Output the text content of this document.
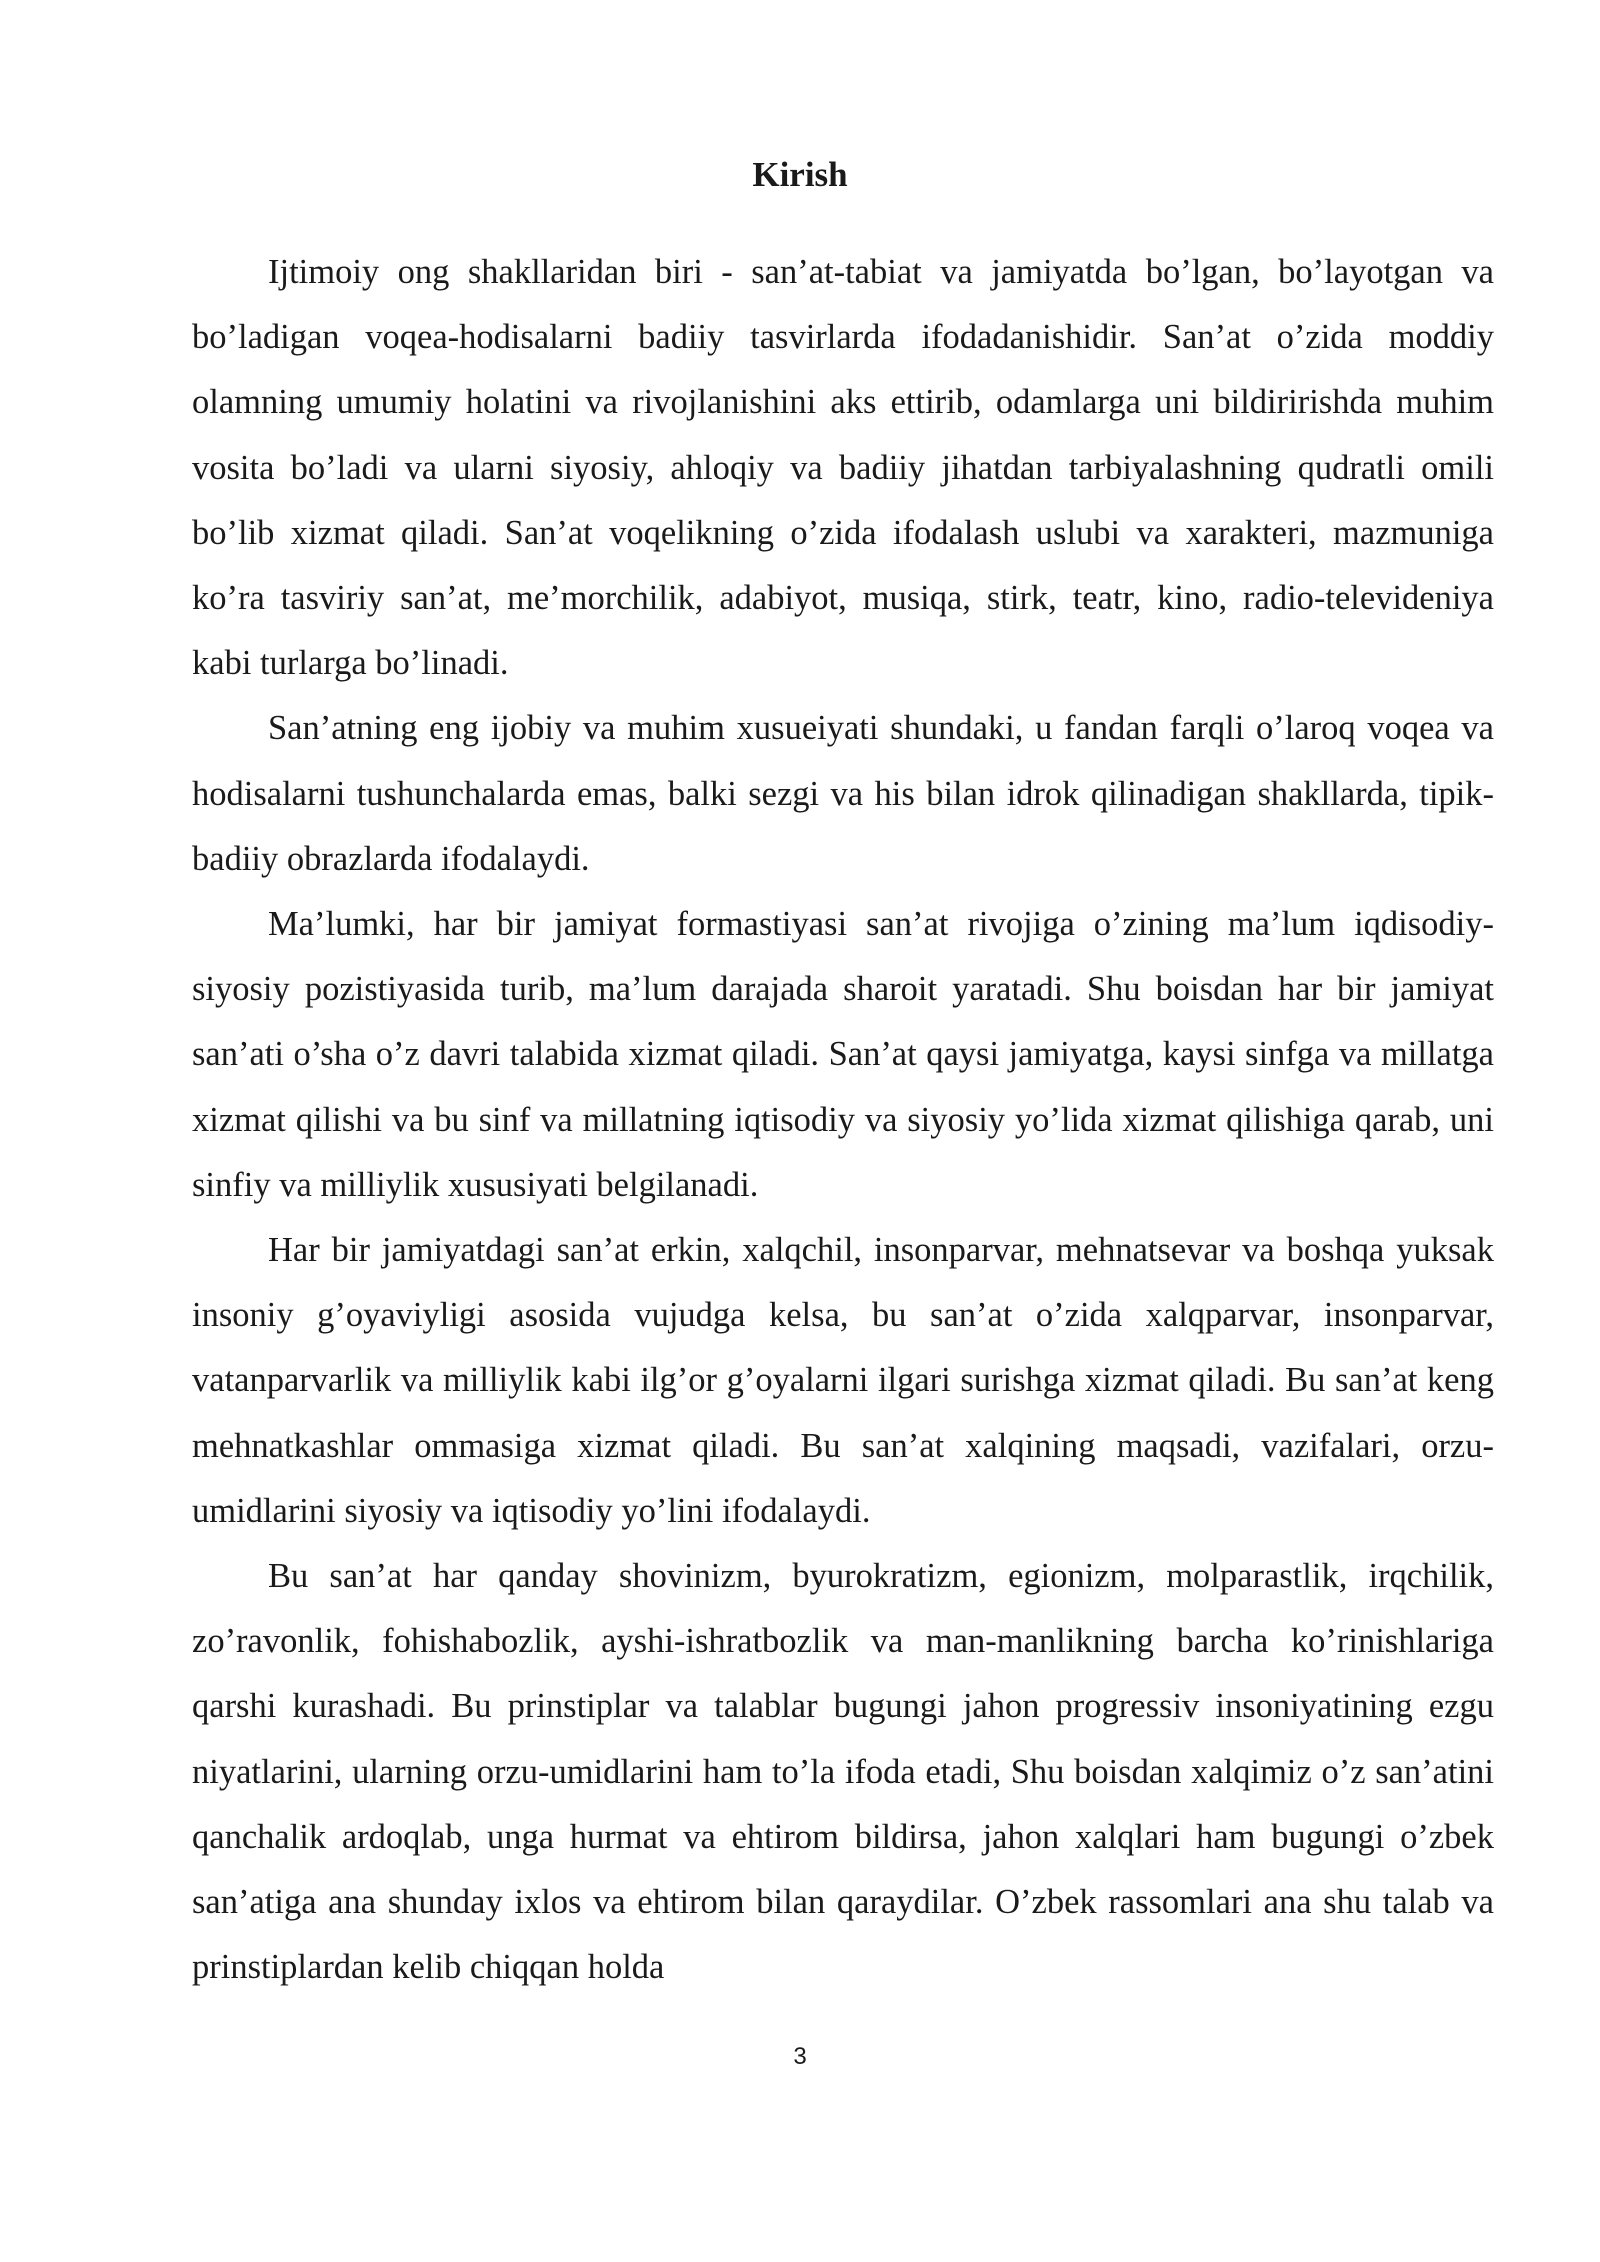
Kirish

Ijtimoiy ong shakllaridan biri - san’at-tabiat va jamiyatda bo’lgan, bo’layotgan va bo’ladigan voqea-hodisalarni badiiy tasvirlarda ifodadanishidir. San’at o’zida moddiy olamning umumiy holatini va rivojlanishini aks ettirib, odamlarga uni bildiririshda muhim vosita bo’ladi va ularni siyosiy, ahloqiy va badiiy jihatdan tarbiyalashning qudratli omili bo’lib xizmat qiladi. San’at voqelikning o’zida ifodalash uslubi va xarakteri, mazmuniga ko’ra tasviriy san’at, me’morchilik, adabiyot, musiqa, stirk, teatr, kino, radio-televideniya kabi turlarga bo’linadi.

San’atning eng ijobiy va muhim xusueiyati shundaki, u fandan farqli o’laroq voqea va hodisalarni tushunchalarda emas, balki sezgi va his bilan idrok qilinadigan shakllarda, tipik-badiiy obrazlarda ifodalaydi.

Ma’lumki, har bir jamiyat formastiyasi san’at rivojiga o’zining ma’lum iqdisodiy-siyosiy pozistiyasida turib, ma’lum darajada sharoit yaratadi. Shu boisdan har bir jamiyat san’ati o’sha o’z davri talabida xizmat qiladi. San’at qaysi jamiyatga, kaysi sinfga va millatga xizmat qilishi va bu sinf va millatning iqtisodiy va siyosiy yo’lida xizmat qilishiga qarab, uni sinfiy va milliylik xususiyati belgilanadi.

Har bir jamiyatdagi san’at erkin, xalqchil, insonparvar, mehnatsevar va boshqa yuksak insoniy g’oyaviyligi asosida vujudga kelsa, bu san’at o’zida xalqparvar, insonparvar, vatanparvarlik va milliylik kabi ilg’or g’oyalarni ilgari surishga xizmat qiladi. Bu san’at keng mehnatkashlar ommasiga xizmat qiladi. Bu san’at xalqining maqsadi, vazifalari, orzu-umidlarini siyosiy va iqtisodiy yo’lini ifodalaydi.

Bu san’at har qanday shovinizm, byurokratizm, egionizm, molparastlik, irqchilik, zo’ravonlik, fohishabozlik, ayshi-ishratbozlik va man-manlikning barcha ko’rinishlariga qarshi kurashadi. Bu prinstiplar va talablar bugungi jahon progressiv insoniyatining ezgu niyatlarini, ularning orzu-umidlarini ham to’la ifoda etadi, Shu boisdan xalqimiz o’z san’atini qanchalik ardoqlab, unga hurmat va ehtirom bildirsa, jahon xalqlari ham bugungi o’zbek san’atiga ana shunday ixlos va ehtirom bilan qaraydilar. O’zbek rassomlari ana shu talab va prinstiplardan kelib chiqqan holda

3
